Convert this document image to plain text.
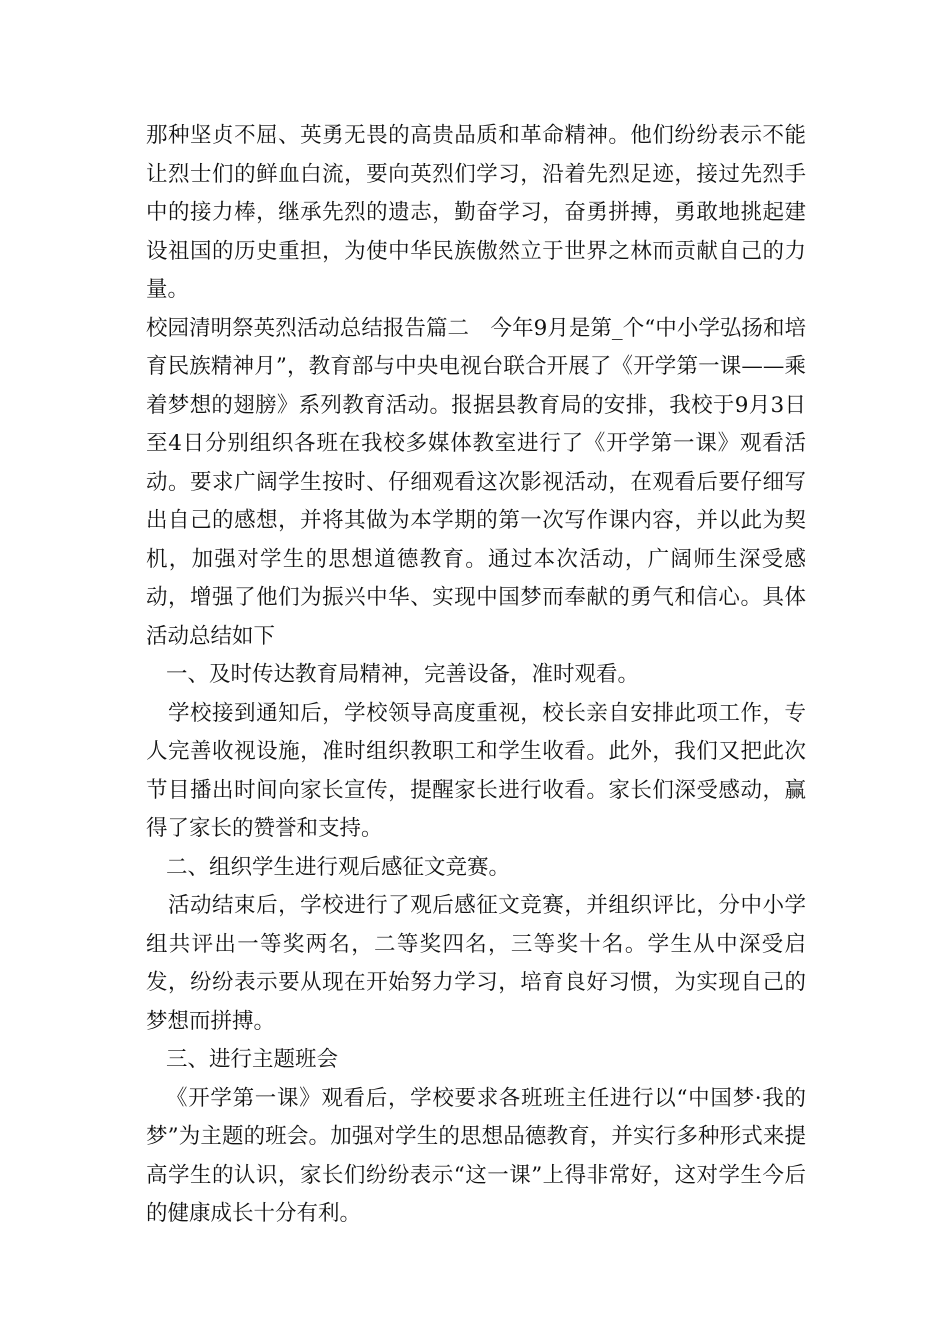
那种坚贞不屈、英勇无畏的高贵品质和革命精神。他们纷纷表示不能让烈士们的鲜血白流，要向英烈们学习，沿着先烈足迹，接过先烈手中的接力棒，继承先烈的遗志，勤奋学习，奋勇拼搏，勇敢地挑起建设祖国的历史重担，为使中华民族傲然立于世界之林而贡献自己的力量。

校园清明祭英烈活动总结报告篇二　今年9月是第_个“中小学弘扬和培育民族精神月”，教育部与中央电视台联合开展了《开学第一课——乘着梦想的翅膀》系列教育活动。报据县教育局的安排，我校于9月3日至4日分别组织各班在我校多媒体教室进行了《开学第一课》观看活动。要求广阔学生按时、仔细观看这次影视活动，在观看后要仔细写出自己的感想，并将其做为本学期的第一次写作课内容，并以此为契机，加强对学生的思想道德教育。通过本次活动，广阔师生深受感动，增强了他们为振兴中华、实现中国梦而奉献的勇气和信心。具体活动总结如下

一、及时传达教育局精神，完善设备，准时观看。

学校接到通知后，学校领导高度重视，校长亲自安排此项工作，专人完善收视设施，准时组织教职工和学生收看。此外，我们又把此次节目播出时间向家长宣传，提醒家长进行收看。家长们深受感动，赢得了家长的赞誉和支持。

二、组织学生进行观后感征文竞赛。

活动结束后，学校进行了观后感征文竞赛，并组织评比，分中小学组共评出一等奖两名，二等奖四名，三等奖十名。学生从中深受启发，纷纷表示要从现在开始努力学习，培育良好习惯，为实现自己的梦想而拼搏。

三、进行主题班会

《开学第一课》观看后，学校要求各班班主任进行以“中国梦·我的梦”为主题的班会。加强对学生的思想品德教育，并实行多种形式来提高学生的认识，家长们纷纷表示“这一课”上得非常好，这对学生今后的健康成长十分有利。
